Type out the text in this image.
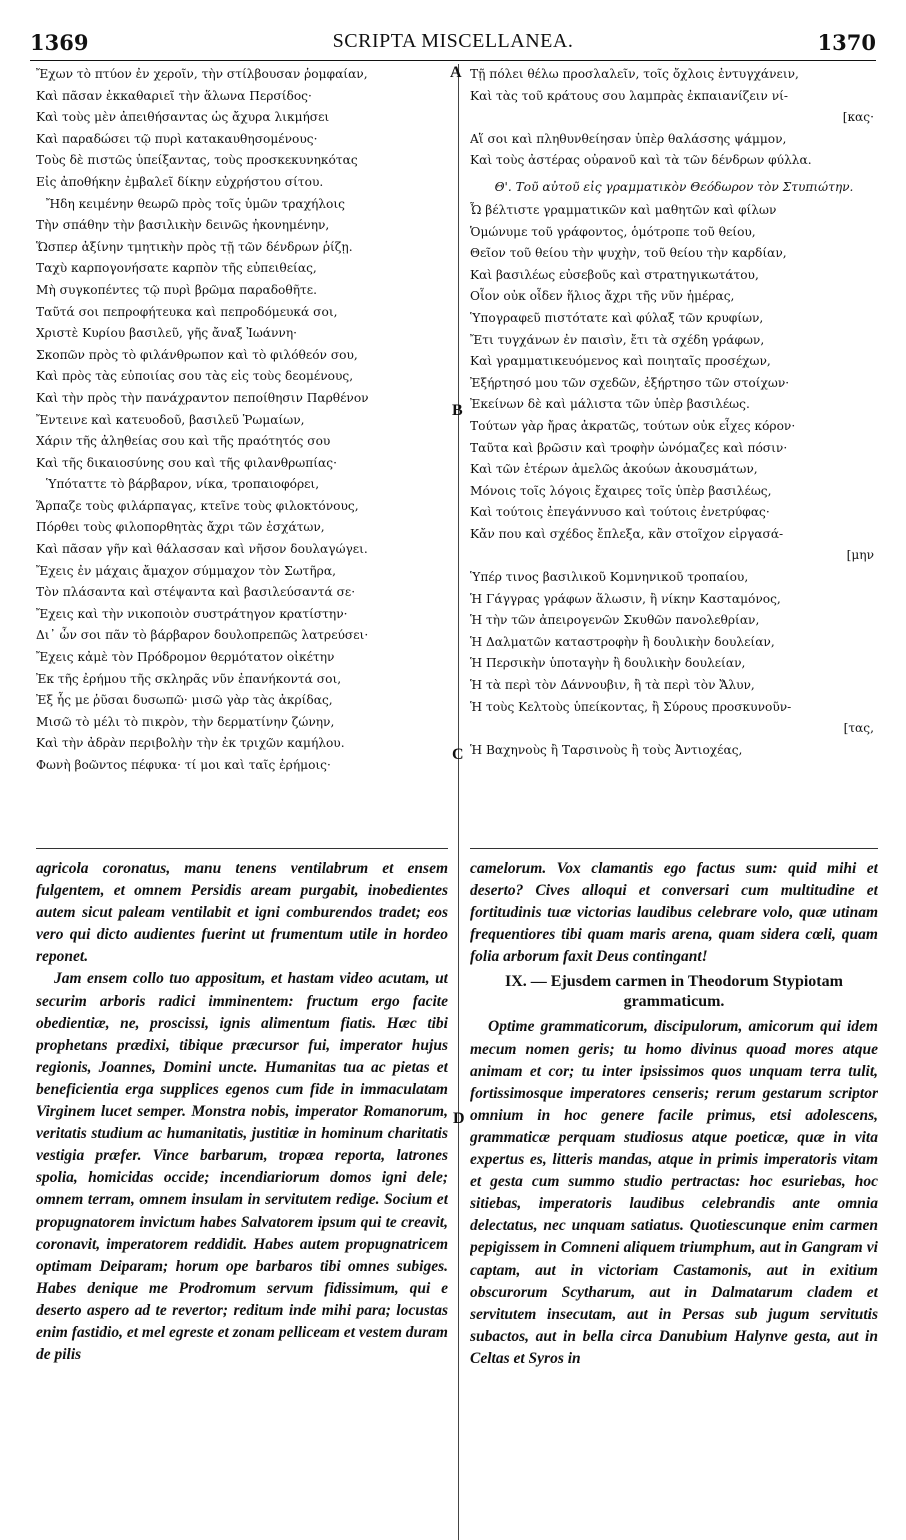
1369	SCRIPTA MISCELLANEA.	1370
A
B
C
D
Ἔχων τὸ πτύον ἐν χεροῖν, τὴν στίλβουσαν ῥομφαίαν,
Καὶ πᾶσαν ἐκκαθαριεῖ τὴν ἅλωνα Περσίδος·
Καὶ τοὺς μὲν ἀπειθήσαντας ὡς ἄχυρα λικμήσει
Καὶ παραδώσει τῷ πυρὶ κατακαυθησομένους·
Τοὺς δὲ πιστῶς ὑπείξαντας, τοὺς προσκεκυνηκότας
Εἰς ἀποθήκην ἐμβαλεῖ δίκην εὐχρήστου σίτου.
Ἤδη κειμένην θεωρῶ πρὸς τοῖς ὑμῶν τραχήλοις
Τὴν σπάθην τὴν βασιλικὴν δεινῶς ἠκονημένην,
Ὥσπερ ἀξίνην τμητικὴν πρὸς τῇ τῶν δένδρων ῥίζῃ.
Ταχὺ καρπογονήσατε καρπὸν τῆς εὐπειθείας,
Μὴ συγκοπέντες τῷ πυρὶ βρῶμα παραδοθῆτε.
Ταῦτά σοι πεπροφήτευκα καὶ πεπροδόμευκά σοι,
Χριστὲ Κυρίου βασιλεῦ, γῆς ἄναξ Ἰωάννη·
Σκοπῶν πρὸς τὸ φιλάνθρωπον καὶ τὸ φιλόθεόν σου,
Καὶ πρὸς τὰς εὐποιίας σου τὰς εἰς τοὺς δεομένους,
Καὶ τὴν πρὸς τὴν πανάχραντον πεποίθησιν Παρθένον
Ἔντεινε καὶ κατευοδοῦ, βασιλεῦ Ῥωμαίων,
Χάριν τῆς ἀληθείας σου καὶ τῆς πραότητός σου
Καὶ τῆς δικαιοσύνης σου καὶ τῆς φιλανθρωπίας·
Ὑπόταττε τὸ βάρβαρον, νίκα, τροπαιοφόρει,
Ἅρπαζε τοὺς φιλάρπαγας, κτεῖνε τοὺς φιλοκτόνους,
Πόρθει τοὺς φιλοπορθητὰς ἄχρι τῶν ἐσχάτων,
Καὶ πᾶσαν γῆν καὶ θάλασσαν καὶ νῆσον δουλαγώγει.
Ἔχεις ἐν μάχαις ἄμαχον σύμμαχον τὸν Σωτῆρα,
Τὸν πλάσαντα καὶ στέψαντα καὶ βασιλεύσαντά σε·
Ἔχεις καὶ τὴν νικοποιὸν συστράτηγον κρατίστην·
Δι᾽ ὧν σοι πᾶν τὸ βάρβαρον δουλοπρεπῶς λατρεύσει·
Ἔχεις κἀμὲ τὸν Πρόδρομον θερμότατον οἰκέτην
Ἐκ τῆς ἐρήμου τῆς σκληρᾶς νῦν ἐπανήκοντά σοι,
Ἐξ ἧς με ῥῦσαι δυσωπῶ· μισῶ γὰρ τὰς ἀκρίδας,
Μισῶ τὸ μέλι τὸ πικρὸν, τὴν δερματίνην ζώνην,
Καὶ τὴν ἀδρὰν περιβολὴν τὴν ἐκ τριχῶν καμήλου.
Φωνὴ βοῶντος πέφυκα· τί μοι καὶ ταῖς ἐρήμοις·
Τῇ πόλει θέλω προσλαλεῖν, τοῖς ὄχλοις ἐντυγχάνειν,
Καὶ τὰς τοῦ κράτους σου λαμπρὰς ἐκπαιανίζειν νί-
[κας·
Αἵ σοι καὶ πληθυνθείησαν ὑπὲρ θαλάσσης ψάμμον,
Καὶ τοὺς ἀστέρας οὐρανοῦ καὶ τὰ τῶν δένδρων φύλλα.
Θ'. Τοῦ αὐτοῦ εἰς γραμματικὸν Θεόδωρον τὸν Στυπιώτην.
Ὦ βέλτιστε γραμματικῶν καὶ μαθητῶν καὶ φίλων
Ὁμώνυμε τοῦ γράφοντος, ὁμότροπε τοῦ θείου,
Θεῖον τοῦ θείου τὴν ψυχὴν, τοῦ θείου τὴν καρδίαν,
Καὶ βασιλέως εὐσεβοῦς καὶ στρατηγικωτάτου,
Οἷον οὐκ οἶδεν ἥλιος ἄχρι τῆς νῦν ἡμέρας,
Ὑπογραφεῦ πιστότατε καὶ φύλαξ τῶν κρυφίων,
Ἔτι τυγχάνων ἐν παισὶν, ἔτι τὰ σχέδη γράφων,
Καὶ γραμματικευόμενος καὶ ποιηταῖς προσέχων,
Ἐξήρτησό μου τῶν σχεδῶν, ἐξήρτησο τῶν στοίχων·
Ἐκείνων δὲ καὶ μάλιστα τῶν ὑπὲρ βασιλέως.
Τούτων γὰρ ἤρας ἀκρατῶς, τούτων οὐκ εἶχες κόρον·
Ταῦτα καὶ βρῶσιν καὶ τροφὴν ὠνόμαζες καὶ πόσιν·
Καὶ τῶν ἑτέρων ἀμελῶς ἀκούων ἀκουσμάτων,
Μόνοις τοῖς λόγοις ἔχαιρες τοῖς ὑπὲρ βασιλέως,
Καὶ τούτοις ἐπεγάννυσο καὶ τούτοις ἐνετρύφας·
Κἄν που καὶ σχέδος ἔπλεξα, κἂν στοῖχον εἰργασά-
[μην
Ὑπέρ τινος βασιλικοῦ Κομνηνικοῦ τροπαίου,
Ἡ Γάγγρας γράφων ἅλωσιν, ἢ νίκην Κασταμόνος,
Ἡ τὴν τῶν ἀπειρογενῶν Σκυθῶν πανολεθρίαν,
Ἡ Δαλματῶν καταστροφὴν ἢ δουλικὴν δουλείαν,
Ἡ Περσικὴν ὑποταγὴν ἢ δουλικὴν δουλείαν,
Ἡ τὰ περὶ τὸν Δάννουβιν, ἢ τὰ περὶ τὸν Ἄλυν,
Ἡ τοὺς Κελτοὺς ὑπείκοντας, ἢ Σύρους προσκυνοῦν-
[τας,
Ἡ Βαχηνοὺς ἢ Ταρσινοὺς ἢ τοὺς Ἀντιοχέας,

agricola coronatus, manu tenens ventilabrum et ensem fulgentem, et omnem Persidis aream purgabit, inobedientes autem sicut paleam ventilabit et igni comburendos tradet; eos vero qui dicto audientes fuerint ut frumentum utile in hordeo reponet.

Jam ensem collo tuo appositum, et hastam video acutam, ut securim arboris radici imminentem: fructum ergo facite obedientiæ, ne, proscissi, ignis alimentum fiatis. Hæc tibi prophetans prædixi, tibique præcursor fui, imperator hujus regionis, Joannes, Domini uncte. Humanitas tua ac pietas et beneficientia erga supplices egenos cum fide in immaculatam Virginem lucet semper. Monstra nobis, imperator Romanorum, veritatis studium ac humanitatis, justitiæ in hominum charitatis vestigia præfer. Vince barbarum, tropæa reporta, latrones spolia, homicidas occide; incendiariorum domos igni dele; omnem terram, omnem insulam in servitutem redige. Socium et propugnatorem invictum habes Salvatorem ipsum qui te creavit, coronavit, imperatorem reddidit. Habes autem propugnatricem optimam Deiparam; horum ope barbaros tibi omnes subiges. Habes denique me Prodromum servum fidissimum, qui e deserto aspero ad te revertor; reditum inde mihi para; locustas enim fastidio, et mel egreste et zonam pelliceam et vestem duram de pilis

camelorum. Vox clamantis ego factus sum: quid mihi et deserto? Cives alloqui et conversari cum multitudine et fortitudinis tuæ victorias laudibus celebrare volo, quæ utinam frequentiores tibi quam maris arena, quam sidera cœli, quam folia arborum faxit Deus contingant!

IX. — Ejusdem carmen in Theodorum Stypiotam grammaticum.

Optime grammaticorum, discipulorum, amicorum qui idem mecum nomen geris; tu homo divinus quoad mores atque animam et cor; tu inter ipsissimos quos unquam terra tulit, fortissimosque imperatores censeris; rerum gestarum scriptor omnium in hoc genere facile primus, etsi adolescens, grammaticæ perquam studiosus atque poeticæ, quæ in vita expertus es, litteris mandas, atque in primis imperatoris vitam et gesta cum summo studio pertractas: hoc esuriebas, hoc sitiebas, imperatoris laudibus celebrandis ante omnia delectatus, nec unquam satiatus. Quotiescunque enim carmen pepigissem in Comneni aliquem triumphum, aut in Gangram vi captam, aut in victoriam Castamonis, aut in exitium obscurorum Scytharum, aut in Dalmatarum cladem et servitutem insecutam, aut in Persas sub jugum servitutis subactos, aut in bella circa Danubium Halynve gesta, aut in Celtas et Syros in
